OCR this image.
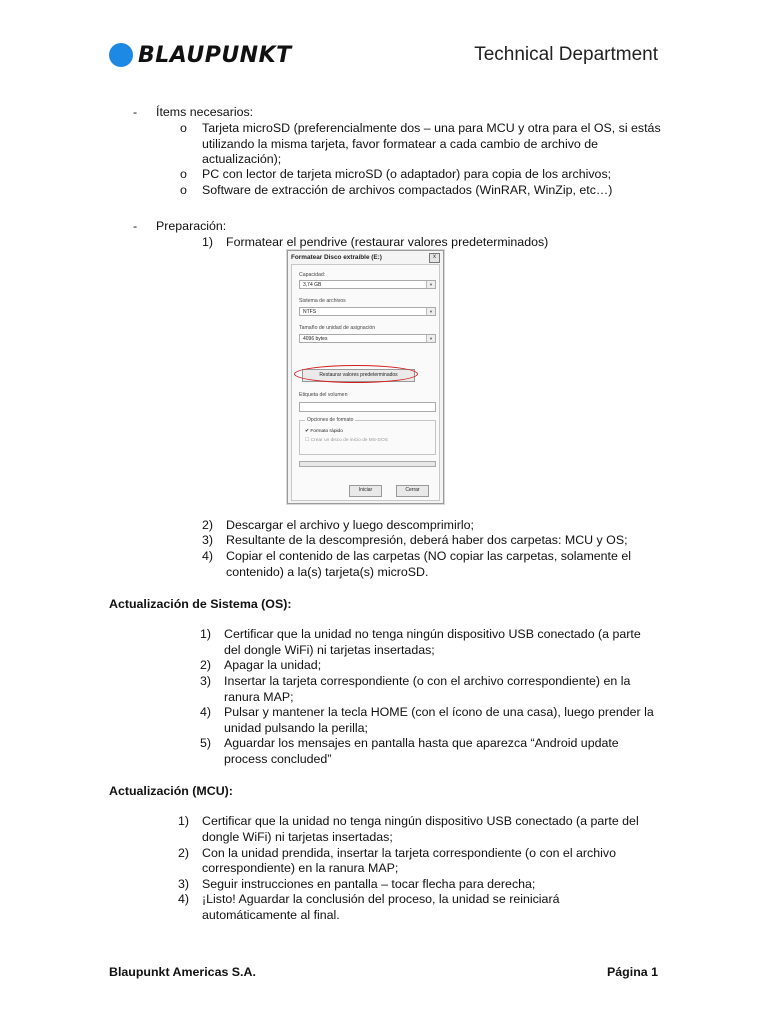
BLAUPUNKT	Technical Department
- Ítems necesarios:
o Tarjeta microSD (preferencialmente dos – una para MCU y otra para el OS, si estás
utilizando la misma tarjeta, favor formatear a cada cambio de archivo de
actualización);
o PC con lector de tarjeta microSD (o adaptador) para copia de los archivos;
o Software de extracción de archivos compactados (WinRAR, WinZip, etc…)
- Preparación:
1) Formatear el pendrive (restaurar valores predeterminados)
2) Descargar el archivo y luego descomprimirlo;
3) Resultante de la descompresión, deberá haber dos carpetas: MCU y OS;
4) Copiar el contenido de las carpetas (NO copiar las carpetas, solamente el
contenido) a la(s) tarjeta(s) microSD.
Actualización de Sistema (OS):
1) Certificar que la unidad no tenga ningún dispositivo USB conectado (a parte
del dongle WiFi) ni tarjetas insertadas;
2) Apagar la unidad;
3) Insertar la tarjeta correspondiente (o con el archivo correspondiente) en la
ranura MAP;
4) Pulsar y mantener la tecla HOME (con el ícono de una casa), luego prender la
unidad pulsando la perilla;
5) Aguardar los mensajes en pantalla hasta que aparezca “Android update
process concluded”
Actualización (MCU):
1) Certificar que la unidad no tenga ningún dispositivo USB conectado (a parte del
dongle WiFi) ni tarjetas insertadas;
2) Con la unidad prendida, insertar la tarjeta correspondiente (o con el archivo
correspondiente) en la ranura MAP;
3) Seguir instrucciones en pantalla – tocar flecha para derecha;
4) ¡Listo! Aguardar la conclusión del proceso, la unidad se reiniciará
automáticamente al final.
Formatear Disco extraíble (E:)	x
Capacidad:
3,74 GB	▾
Sistema de archivos
NTFS	▾
Tamaño de unidad de asignación
4096 bytes	▾
Restaurar valores predeterminados
Etiqueta del volumen
Opciones de formato
✔ Formato rápido
☐ Crear un disco de inicio de MS-DOS
Iniciar	Cerrar
Blaupunkt Americas S.A.	Página 1
